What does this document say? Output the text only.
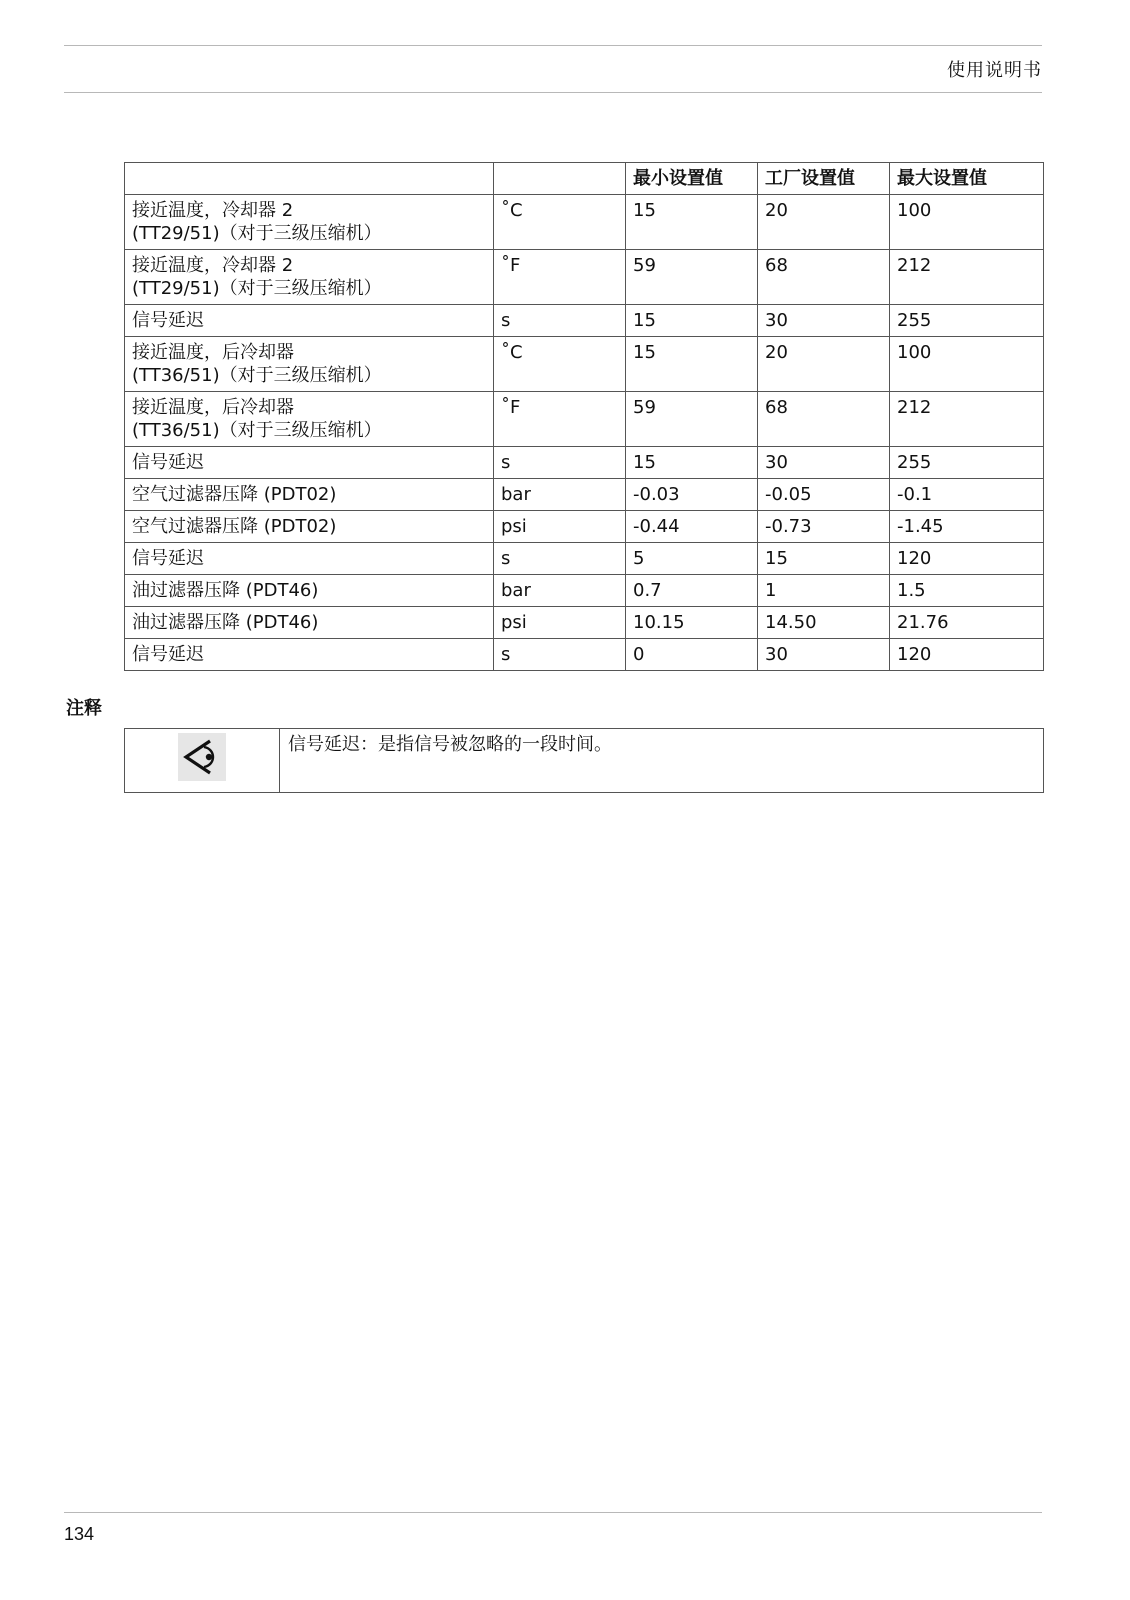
使用说明书
		最小设置值	工厂设置值	最大设置值

接近温度，冷却器 2
(TT29/51)（对于三级压缩机）	˚C	15	20	100

接近温度，冷却器 2
(TT29/51)（对于三级压缩机）	˚F	59	68	212

信号延迟	s	15	30	255

接近温度，后冷却器
(TT36/51)（对于三级压缩机）	˚C	15	20	100

接近温度，后冷却器
(TT36/51)（对于三级压缩机）	˚F	59	68	212

信号延迟	s	15	30	255

空气过滤器压降 (PDT02)	bar	-0.03	-0.05	-0.1

空气过滤器压降 (PDT02)	psi	-0.44	-0.73	-1.45

信号延迟	s	5	15	120

油过滤器压降 (PDT46)	bar	0.7	1	1.5

油过滤器压降 (PDT46)	psi	10.15	14.50	21.76

信号延迟	s	0	30	120
注释
	信号延迟：是指信号被忽略的一段时间。
134
